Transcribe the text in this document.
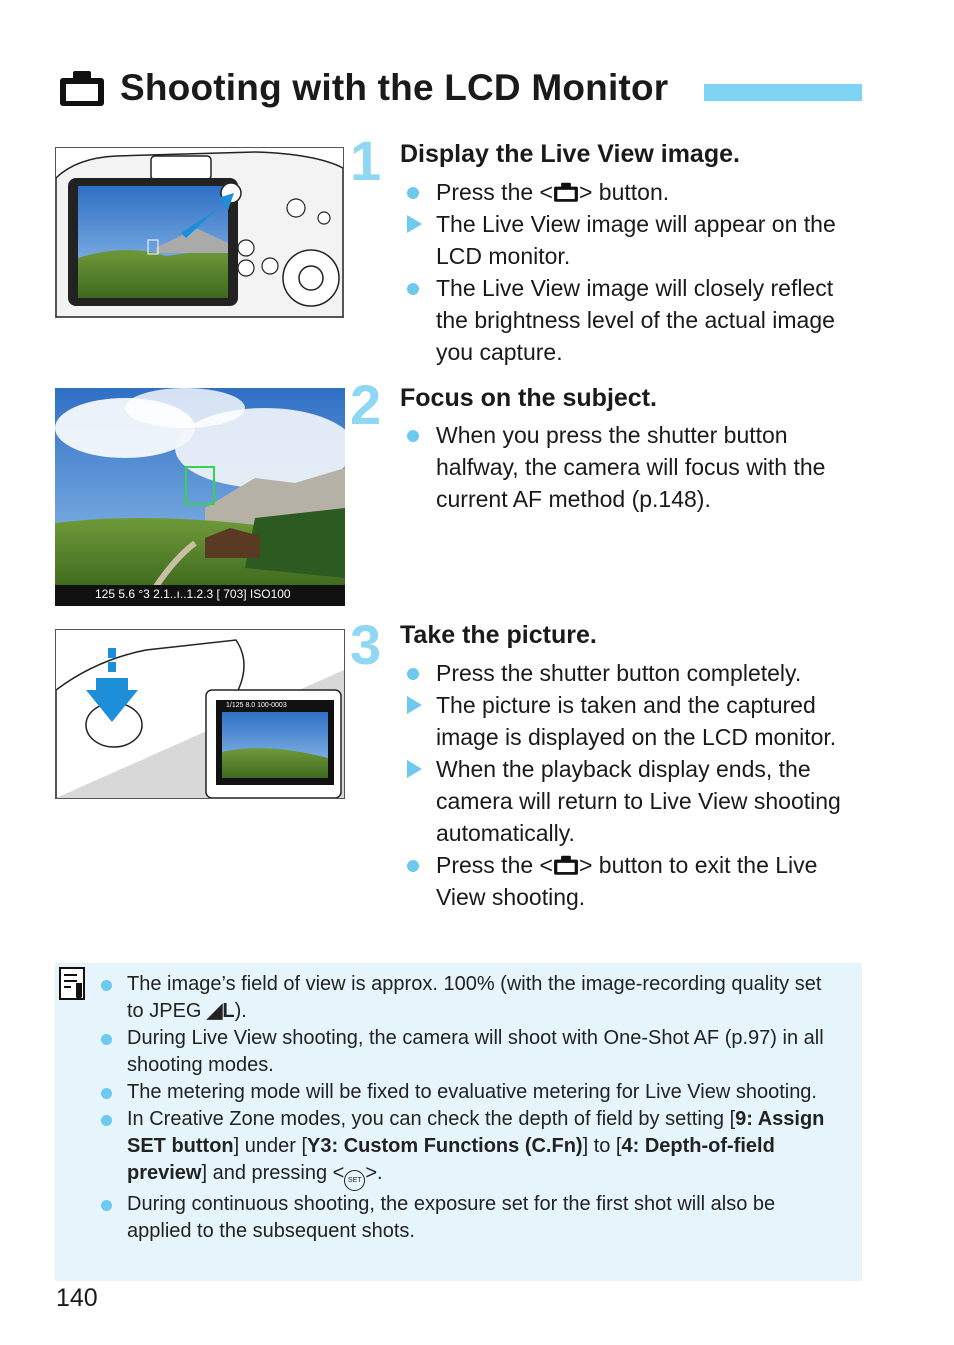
Shooting with the LCD Monitor
1 Display the Live View image.
Press the < > button.
The Live View image will appear on the LCD monitor.
The Live View image will closely reflect the brightness level of the actual image you capture.
125 5.6 °3 2.1..ı..1.2.3 [ 703] ISO100
2 Focus on the subject.
When you press the shutter button halfway, the camera will focus with the current AF method (p.148).
1/125 8.0 100-0003
3 Take the picture.
Press the shutter button completely.
The picture is taken and the captured image is displayed on the LCD monitor.
When the playback display ends, the camera will return to Live View shooting automatically.
Press the < > button to exit the Live View shooting.
The image’s field of view is approx. 100% (with the image-recording quality set to JPEG ◢L).
During Live View shooting, the camera will shoot with One-Shot AF (p.97) in all shooting modes.
The metering mode will be fixed to evaluative metering for Live View shooting.
In Creative Zone modes, you can check the depth of field by setting [9: Assign SET button] under [Υ3: Custom Functions (C.Fn)] to [4: Depth-of-field preview] and pressing < SET >.
During continuous shooting, the exposure set for the first shot will also be applied to the subsequent shots.
140
